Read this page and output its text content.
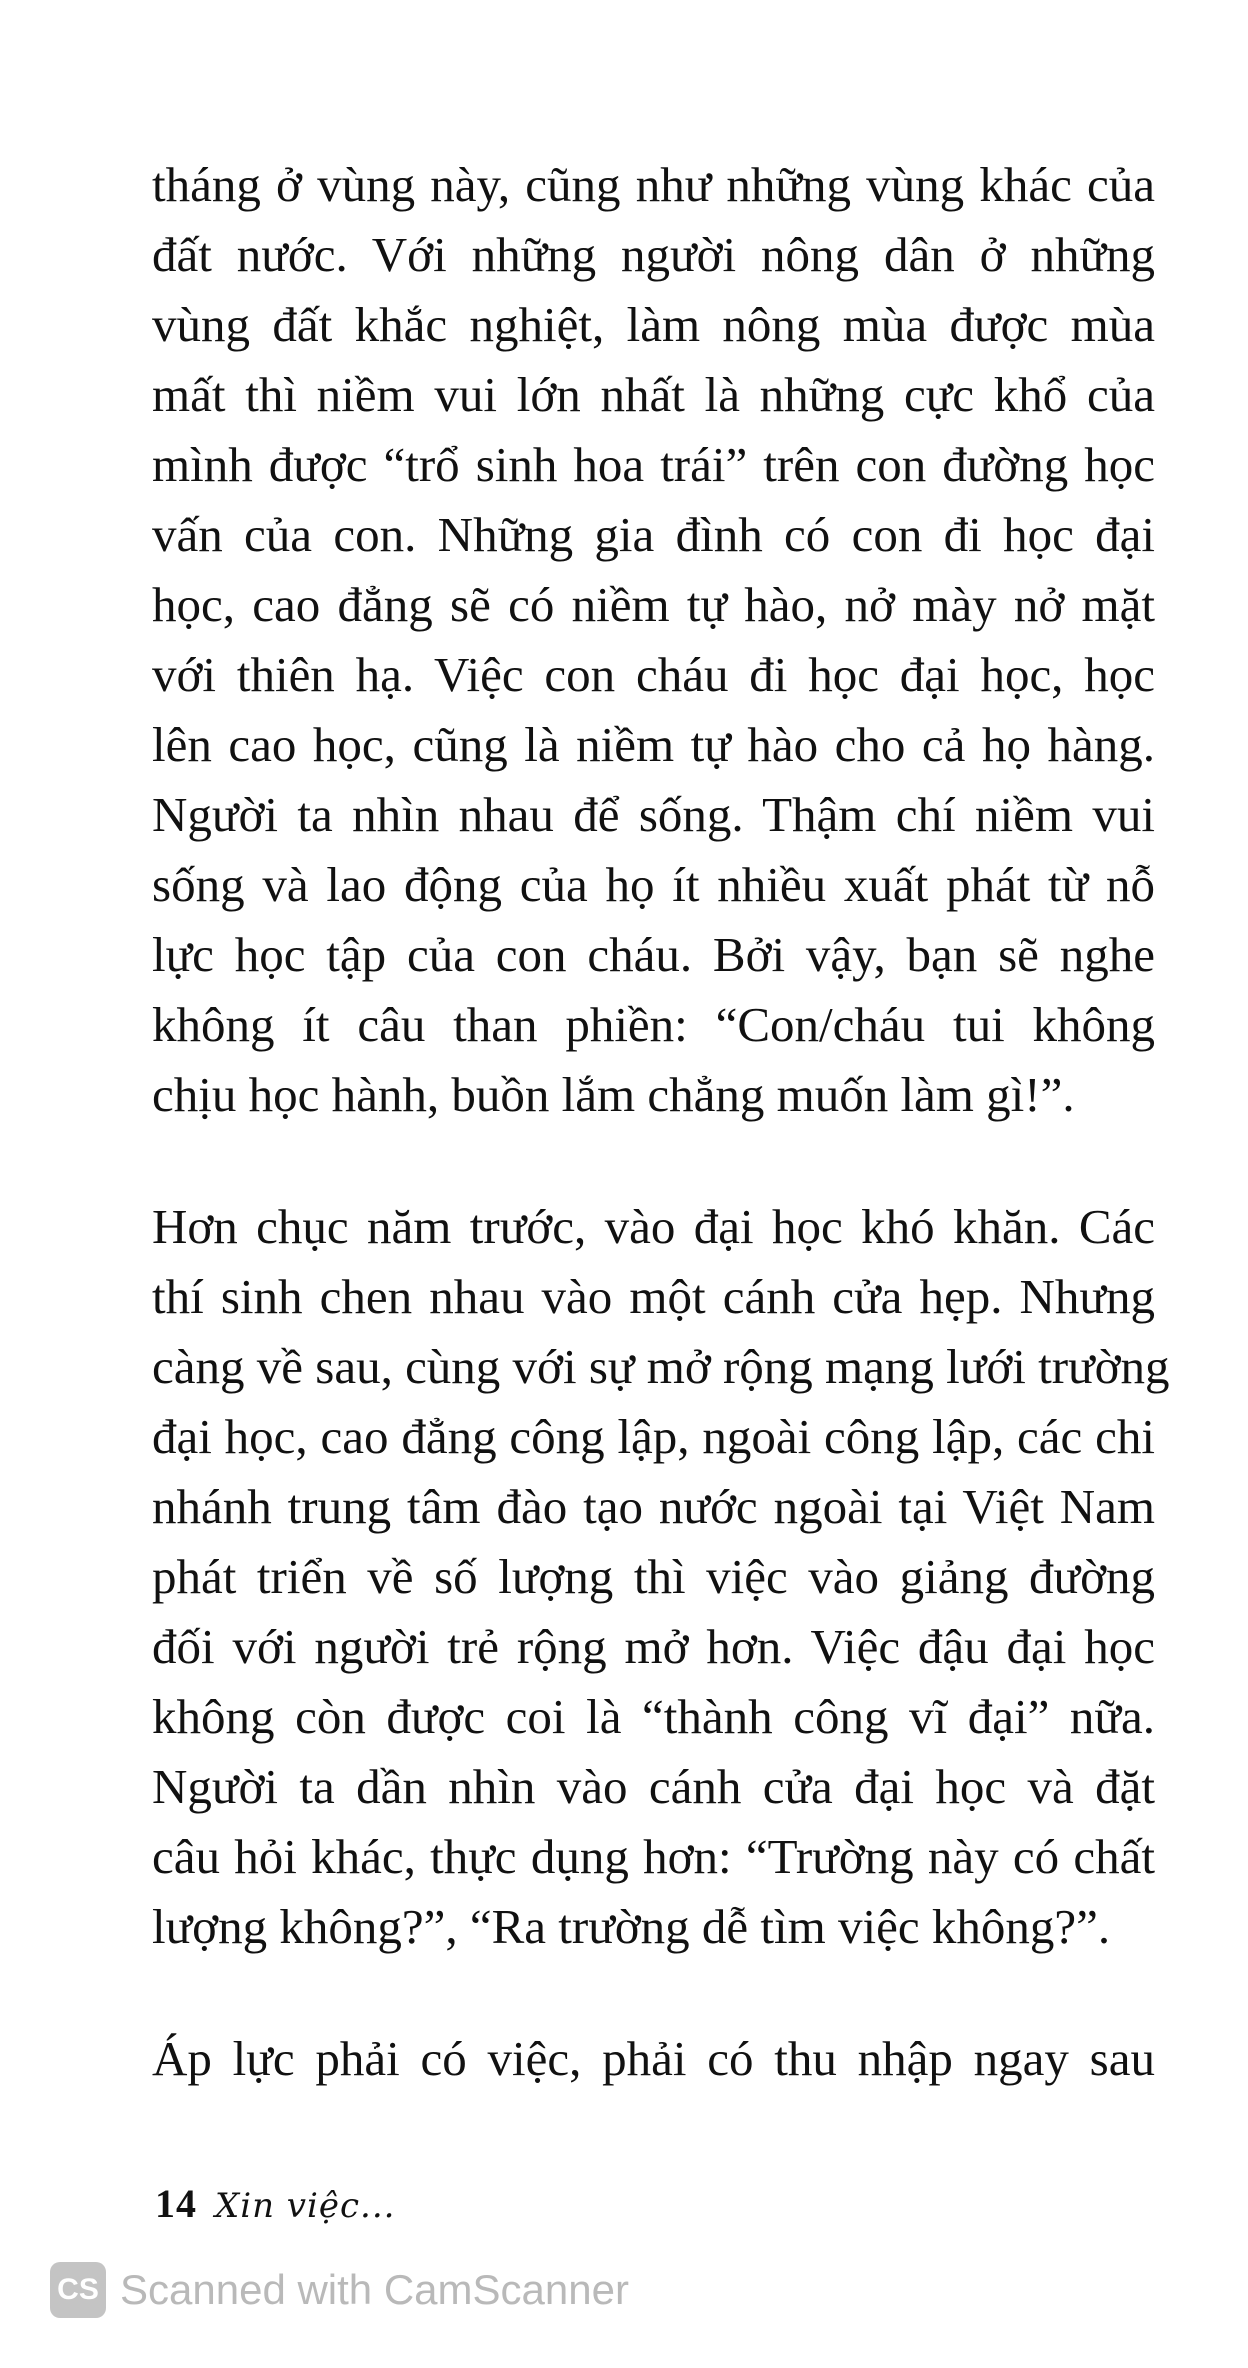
tháng ở vùng này, cũng như những vùng khác của
đất nước. Với những người nông dân ở những
vùng đất khắc nghiệt, làm nông mùa được mùa
mất thì niềm vui lớn nhất là những cực khổ của
mình được “trổ sinh hoa trái” trên con đường học
vấn của con. Những gia đình có con đi học đại
học, cao đẳng sẽ có niềm tự hào, nở mày nở mặt
với thiên hạ. Việc con cháu đi học đại học, học
lên cao học, cũng là niềm tự hào cho cả họ hàng.
Người ta nhìn nhau để sống. Thậm chí niềm vui
sống và lao động của họ ít nhiều xuất phát từ nỗ
lực học tập của con cháu. Bởi vậy, bạn sẽ nghe
không ít câu than phiền: “Con/cháu tui không
chịu học hành, buồn lắm chẳng muốn làm gì!”.

Hơn chục năm trước, vào đại học khó khăn. Các
thí sinh chen nhau vào một cánh cửa hẹp. Nhưng
càng về sau, cùng với sự mở rộng mạng lưới trường
đại học, cao đẳng công lập, ngoài công lập, các chi
nhánh trung tâm đào tạo nước ngoài tại Việt Nam
phát triển về số lượng thì việc vào giảng đường
đối với người trẻ rộng mở hơn. Việc đậu đại học
không còn được coi là “thành công vĩ đại” nữa.
Người ta dần nhìn vào cánh cửa đại học và đặt
câu hỏi khác, thực dụng hơn: “Trường này có chất
lượng không?”, “Ra trường dễ tìm việc không?”.

Áp lực phải có việc, phải có thu nhập ngay sau

14 Xin việc...
CS Scanned with CamScanner
